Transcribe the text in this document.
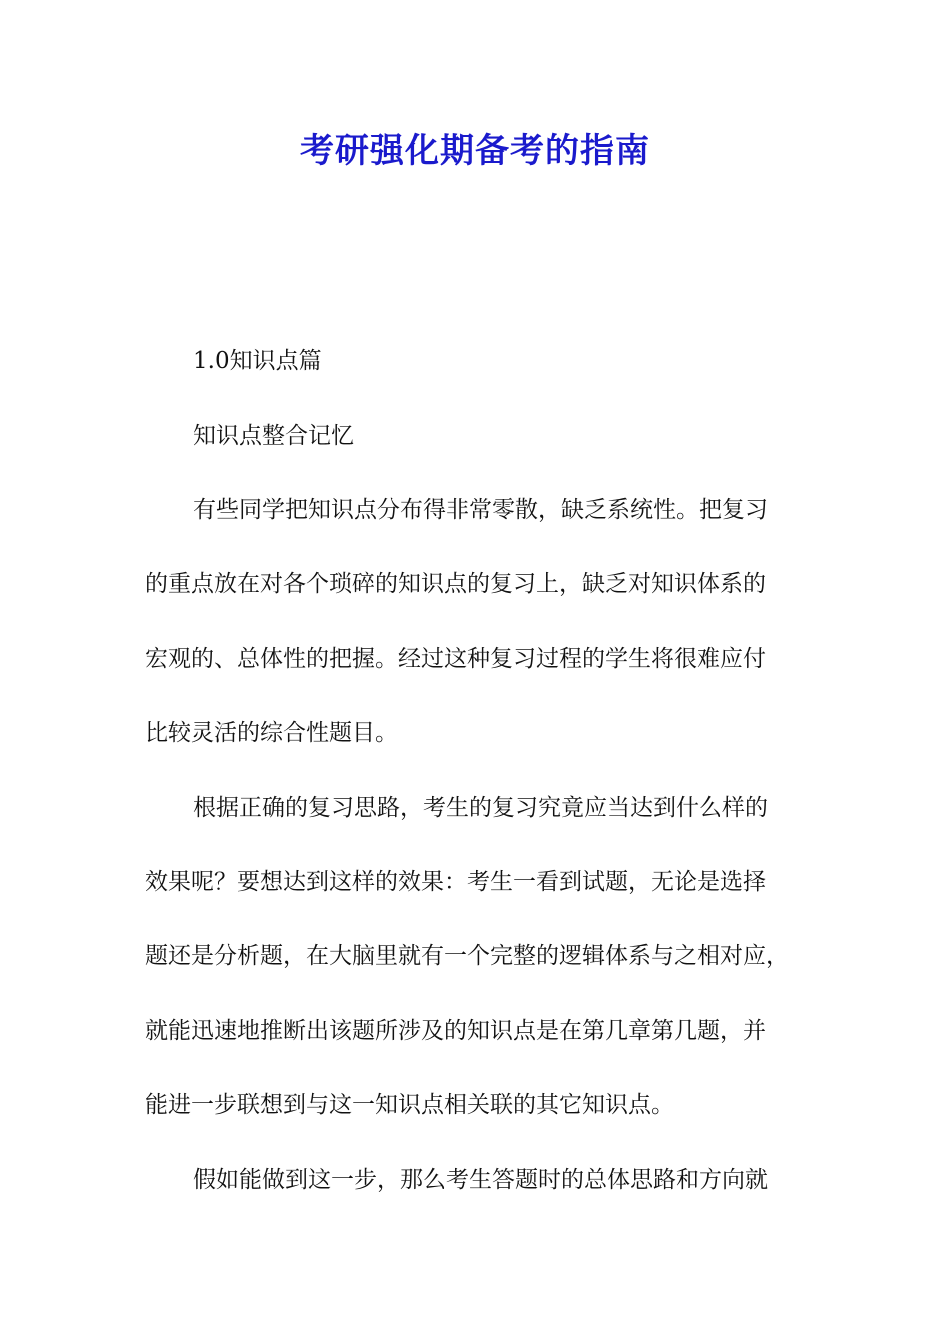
考研强化期备考的指南
1.0知识点篇
知识点整合记忆
有些同学把知识点分布得非常零散，缺乏系统性。把复习
的重点放在对各个琐碎的知识点的复习上，缺乏对知识体系的
宏观的、总体性的把握。经过这种复习过程的学生将很难应付
比较灵活的综合性题目。
根据正确的复习思路，考生的复习究竟应当达到什么样的
效果呢？要想达到这样的效果：考生一看到试题，无论是选择
题还是分析题，在大脑里就有一个完整的逻辑体系与之相对应，
就能迅速地推断出该题所涉及的知识点是在第几章第几题，并
能进一步联想到与这一知识点相关联的其它知识点。
假如能做到这一步，那么考生答题时的总体思路和方向就
